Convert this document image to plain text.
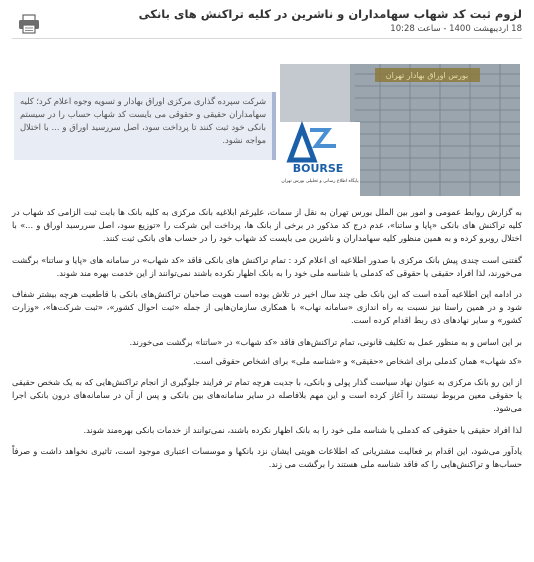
لزوم ثبت کد شهاب سهامداران و ناشرین در کلیه تراکنش های بانکی
18 اردیبهشت 1400 - ساعت 10:28
بورس اوراق بهادار تهران
BOURSE
پایگاه اطلاع رسانی و تحلیلی بورس تهران
شرکت سپرده گذاری مرکزی اوراق بهادار و تسویه وجوه اعلام کرد؛ کلیه سهامداران حقیقی و حقوقی می بایست کد شهاب حساب را در سیستم بانکی خود ثبت کنند تا پرداخت سود، اصل سررسید اوراق و ... با اختلال مواجه نشود.

به گزارش روابط عمومی و امور بین الملل بورس تهران به نقل از سمات، علیرغم ابلاغیه بانک مرکزی به کلیه بانک ها بابت ثبت الزامی کد شهاب در کلیه تراکنش های بانکی «پایا و ساتنا»، عدم درج کد مذکور در برخی از بانک ها، پرداخت این شرکت را «توزیع سود، اصل سررسید اوراق و ...» با اختلال روبرو کرده و به همین منظور کلیه سهامداران و ناشرین می بایست کد شهاب خود را در حساب های بانکی ثبت کنند.

گفتنی است چندی پیش بانک مرکزی با صدور اطلاعیه ای اعلام کرد : تمام تراکنش های بانکی فاقد «کد شهاب» در سامانه های «پایا و ساتنا» برگشت می‌خورند، لذا افراد حقیقی یا حقوقی که کدملی یا شناسه ملی خود را به بانک اظهار نکرده باشند نمی‌توانند از این خدمت بهره مند شوند.

در ادامه این اطلاعیه آمده است که این بانک طی چند سال اخیر در تلاش بوده است هویت صاحبان تراکنش‌های بانکی با قاطعیت هرچه بیشتر شفاف شود و در همین راستا نیز نسبت به راه اندازی «سامانه نهاب» با همکاری سازمان‌هایی از جمله «ثبت احوال کشور»، «ثبت شرکت‌ها»، «وزارت کشور» و سایر نهادهای ذی ربط اقدام کرده است.

بر این اساس و به منظور عمل به تکلیف قانونی، تمام تراکنش‌های فاقد «کد شهاب» در «ساتنا» برگشت می‌خورند.

«کد شهاب» همان کدملی برای اشخاص «حقیقی» و «شناسه ملی» برای اشخاص حقوقی است.

از این رو بانک مرکزی به عنوان نهاد سیاست گذار پولی و بانکی، با جدیت هرچه تمام تر فرایند جلوگیری از انجام تراکنش‌هایی که به یک شخص حقیقی یا حقوقی معین مربوط نیستند را آغاز کرده است و این مهم بلافاصله در سایر سامانه‌های بین بانکی و پس از آن در سامانه‌های درون بانکی اجرا می‌شود.

لذا افراد حقیقی یا حقوقی که کدملی یا شناسه ملی خود را به بانک اظهار نکرده باشند، نمی‌توانند از خدمات بانکی بهره‌مند شوند.

یادآور می‌شود، این اقدام بر فعالیت مشتریانی که اطلاعات هویتی ایشان نزد بانکها و موسسات اعتباری موجود است، تاثیری نخواهد داشت و صرفاً حساب‌ها و تراکنش‌هایی را که فاقد شناسه ملی هستند را برگشت می زند.
